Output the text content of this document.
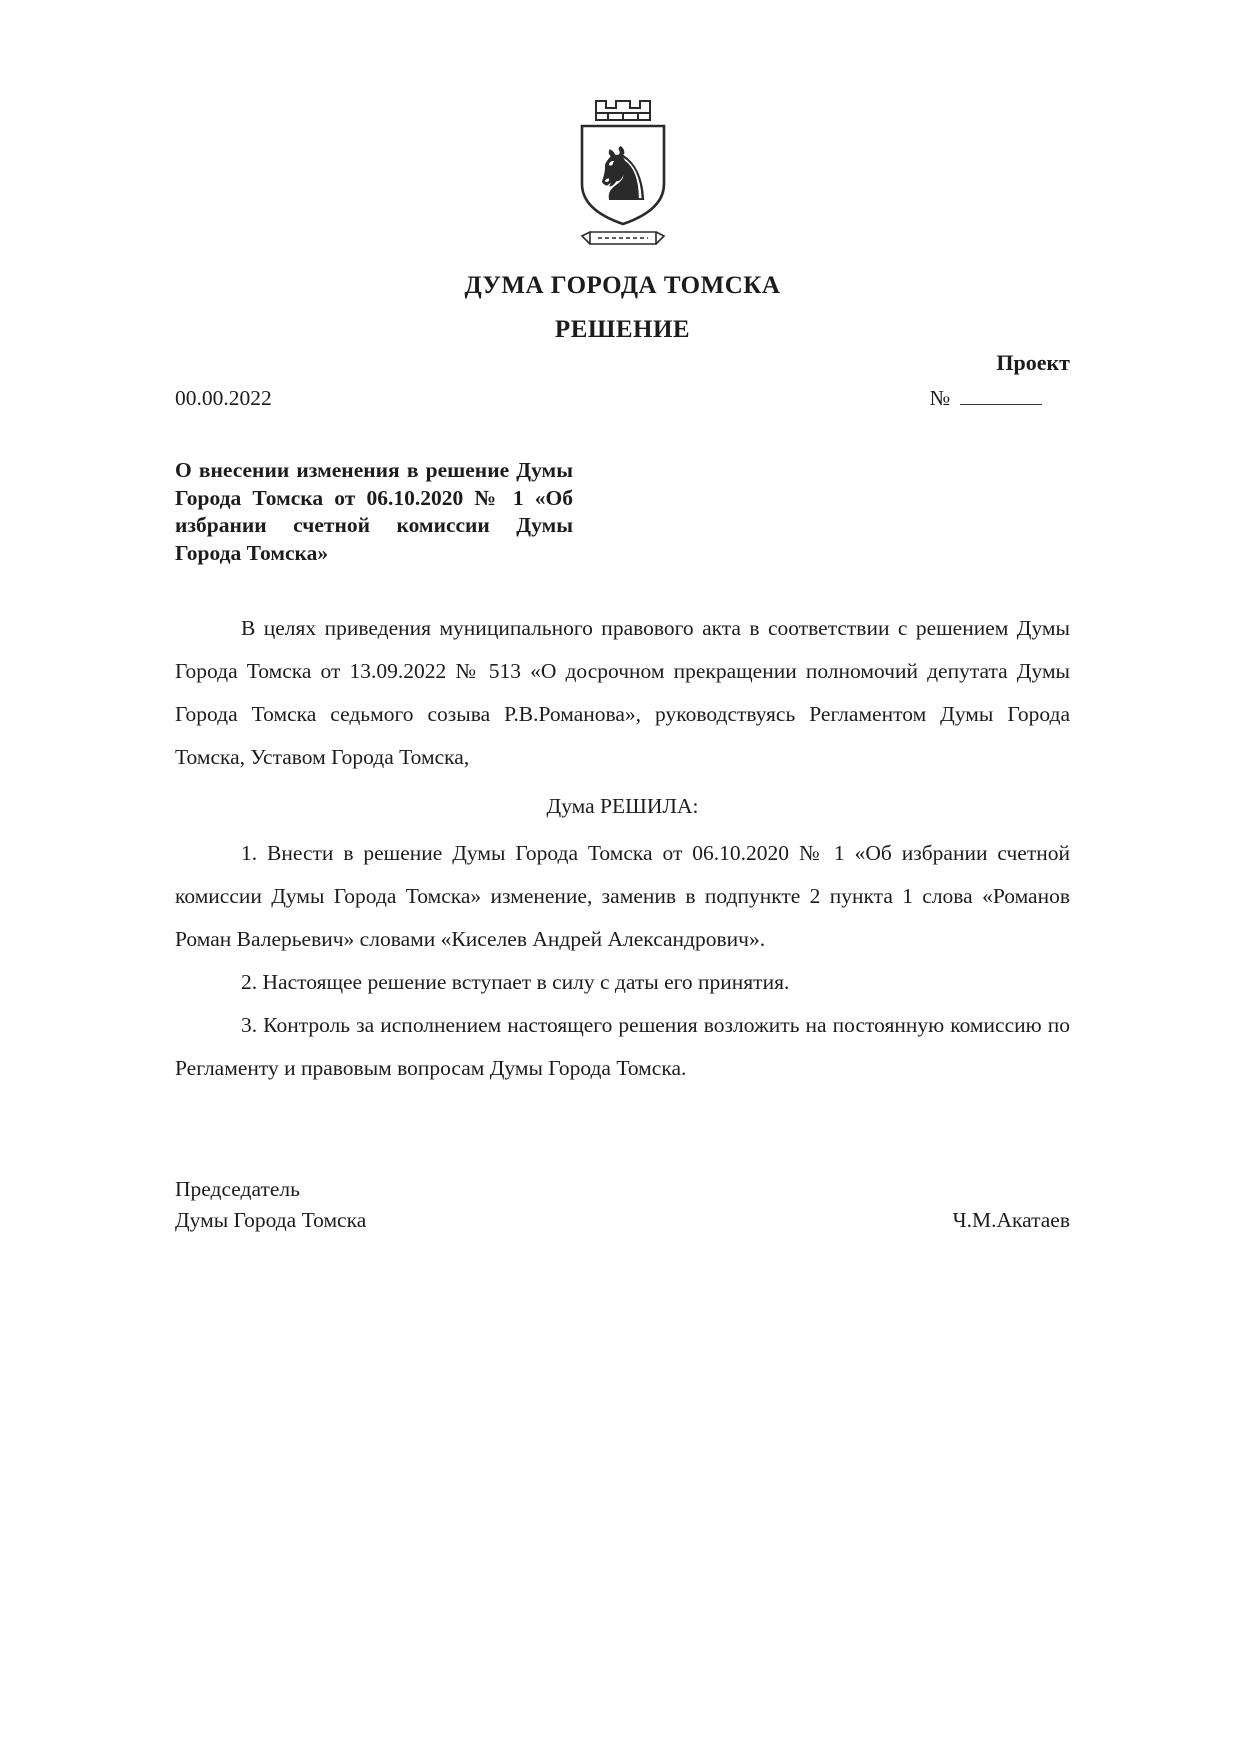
♞
ДУМА ГОРОДА ТОМСКА
РЕШЕНИЕ
Проект
00.00.2022	№
О внесении изменения в решение Думы Города Томска от 06.10.2020 № 1 «Об избрании счетной комиссии Думы Города Томска»

В целях приведения муниципального правового акта в соответствии с решением Думы Города Томска от 13.09.2022 № 513 «О досрочном прекращении полномочий депутата Думы Города Томска седьмого созыва Р.В.Романова», руководствуясь Регламентом Думы Города Томска, Уставом Города Томска,

Дума РЕШИЛА:

1. Внести в решение Думы Города Томска от 06.10.2020 № 1 «Об избрании счетной комиссии Думы Города Томска» изменение, заменив в подпункте 2 пункта 1 слова «Романов Роман Валерьевич» словами «Киселев Андрей Александрович».

2. Настоящее решение вступает в силу с даты его принятия.

3. Контроль за исполнением настоящего решения возложить на постоянную комиссию по Регламенту и правовым вопросам Думы Города Томска.

Председатель
Думы Города Томска	Ч.М.Акатаев
